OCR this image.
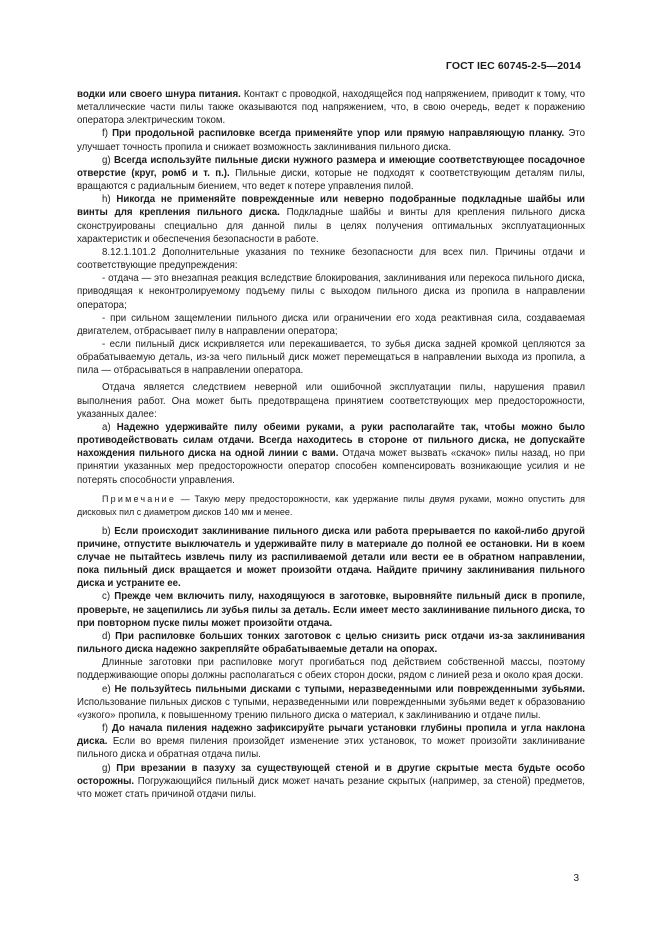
ГОСТ IEC 60745-2-5—2014

водки или своего шнура питания. Контакт с проводкой, находящейся под напряжением, приводит к тому, что металлические части пилы также оказываются под напряжением, что, в свою очередь, ведет к поражению оператора электрическим током.

f) При продольной распиловке всегда применяйте упор или прямую направляющую планку. Это улучшает точность пропила и снижает возможность заклинивания пильного диска.

g) Всегда используйте пильные диски нужного размера и имеющие соответствующее посадочное отверстие (круг, ромб и т. п.). Пильные диски, которые не подходят к соответствующим деталям пилы, вращаются с радиальным биением, что ведет к потере управления пилой.

h) Никогда не применяйте поврежденные или неверно подобранные подкладные шайбы или винты для крепления пильного диска. Подкладные шайбы и винты для крепления пильного диска сконструированы специально для данной пилы в целях получения оптимальных эксплуатационных характеристик и обеспечения безопасности в работе.

8.12.1.101.2 Дополнительные указания по технике безопасности для всех пил. Причины отдачи и соответствующие предупреждения:

- отдача — это внезапная реакция вследствие блокирования, заклинивания или перекоса пильного диска, приводящая к неконтролируемому подъему пилы с выходом пильного диска из пропила в направлении оператора;

- при сильном защемлении пильного диска или ограничении его хода реактивная сила, создаваемая двигателем, отбрасывает пилу в направлении оператора;

- если пильный диск искривляется или перекашивается, то зубья диска задней кромкой цепляются за обрабатываемую деталь, из-за чего пильный диск может перемещаться в направлении выхода из пропила, а пила — отбрасываться в направлении оператора.

Отдача является следствием неверной или ошибочной эксплуатации пилы, нарушения правил выполнения работ. Она может быть предотвращена принятием соответствующих мер предосторожности, указанных далее:

a) Надежно удерживайте пилу обеими руками, а руки располагайте так, чтобы можно было противодействовать силам отдачи. Всегда находитесь в стороне от пильного диска, не допускайте нахождения пильного диска на одной линии с вами. Отдача может вызвать «скачок» пилы назад, но при принятии указанных мер предосторожности оператор способен компенсировать возникающие усилия и не потерять способности управления.

Примечание — Такую меру предосторожности, как удержание пилы двумя руками, можно опустить для дисковых пил с диаметром дисков 140 мм и менее.

b) Если происходит заклинивание пильного диска или работа прерывается по какой-либо другой причине, отпустите выключатель и удерживайте пилу в материале до полной ее остановки. Ни в коем случае не пытайтесь извлечь пилу из распиливаемой детали или вести ее в обратном направлении, пока пильный диск вращается и может произойти отдача. Найдите причину заклинивания пильного диска и устраните ее.

c) Прежде чем включить пилу, находящуюся в заготовке, выровняйте пильный диск в пропиле, проверьте, не зацепились ли зубья пилы за деталь. Если имеет место заклинивание пильного диска, то при повторном пуске пилы может произойти отдача.

d) При распиловке больших тонких заготовок с целью снизить риск отдачи из-за заклинивания пильного диска надежно закрепляйте обрабатываемые детали на опорах.

Длинные заготовки при распиловке могут прогибаться под действием собственной массы, поэтому поддерживающие опоры должны располагаться с обеих сторон доски, рядом с линией реза и около края доски.

e) Не пользуйтесь пильными дисками с тупыми, неразведенными или поврежденными зубьями. Использование пильных дисков с тупыми, неразведенными или поврежденными зубьями ведет к образованию «узкого» пропила, к повышенному трению пильного диска о материал, к заклиниванию и отдаче пилы.

f) До начала пиления надежно зафиксируйте рычаги установки глубины пропила и угла наклона диска. Если во время пиления произойдет изменение этих установок, то может произойти заклинивание пильного диска и обратная отдача пилы.

g) При врезании в пазуху за существующей стеной и в другие скрытые места будьте особо осторожны. Погружающийся пильный диск может начать резание скрытых (например, за стеной) предметов, что может стать причиной отдачи пилы.

3
